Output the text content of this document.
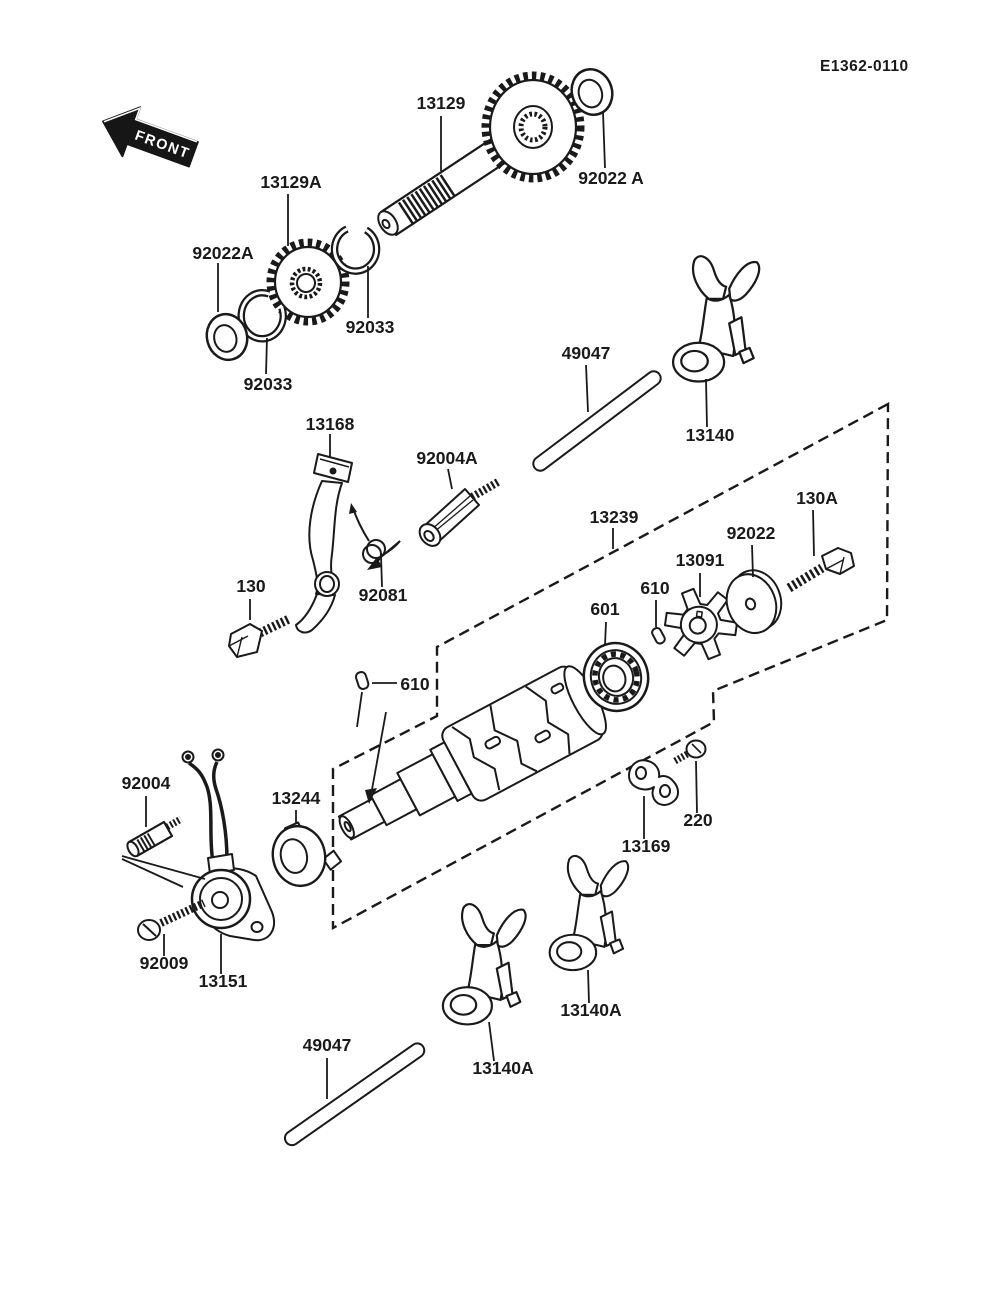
E1362-0110
13129
92022 A
13129A
92022A
92033
92033
13168
92004A
49047
13140
13239
130A
92022
13091
610
601
610
92081
130
92004
13244
92009
13151
13169
220
13140A
13140A
49047
FRONT
